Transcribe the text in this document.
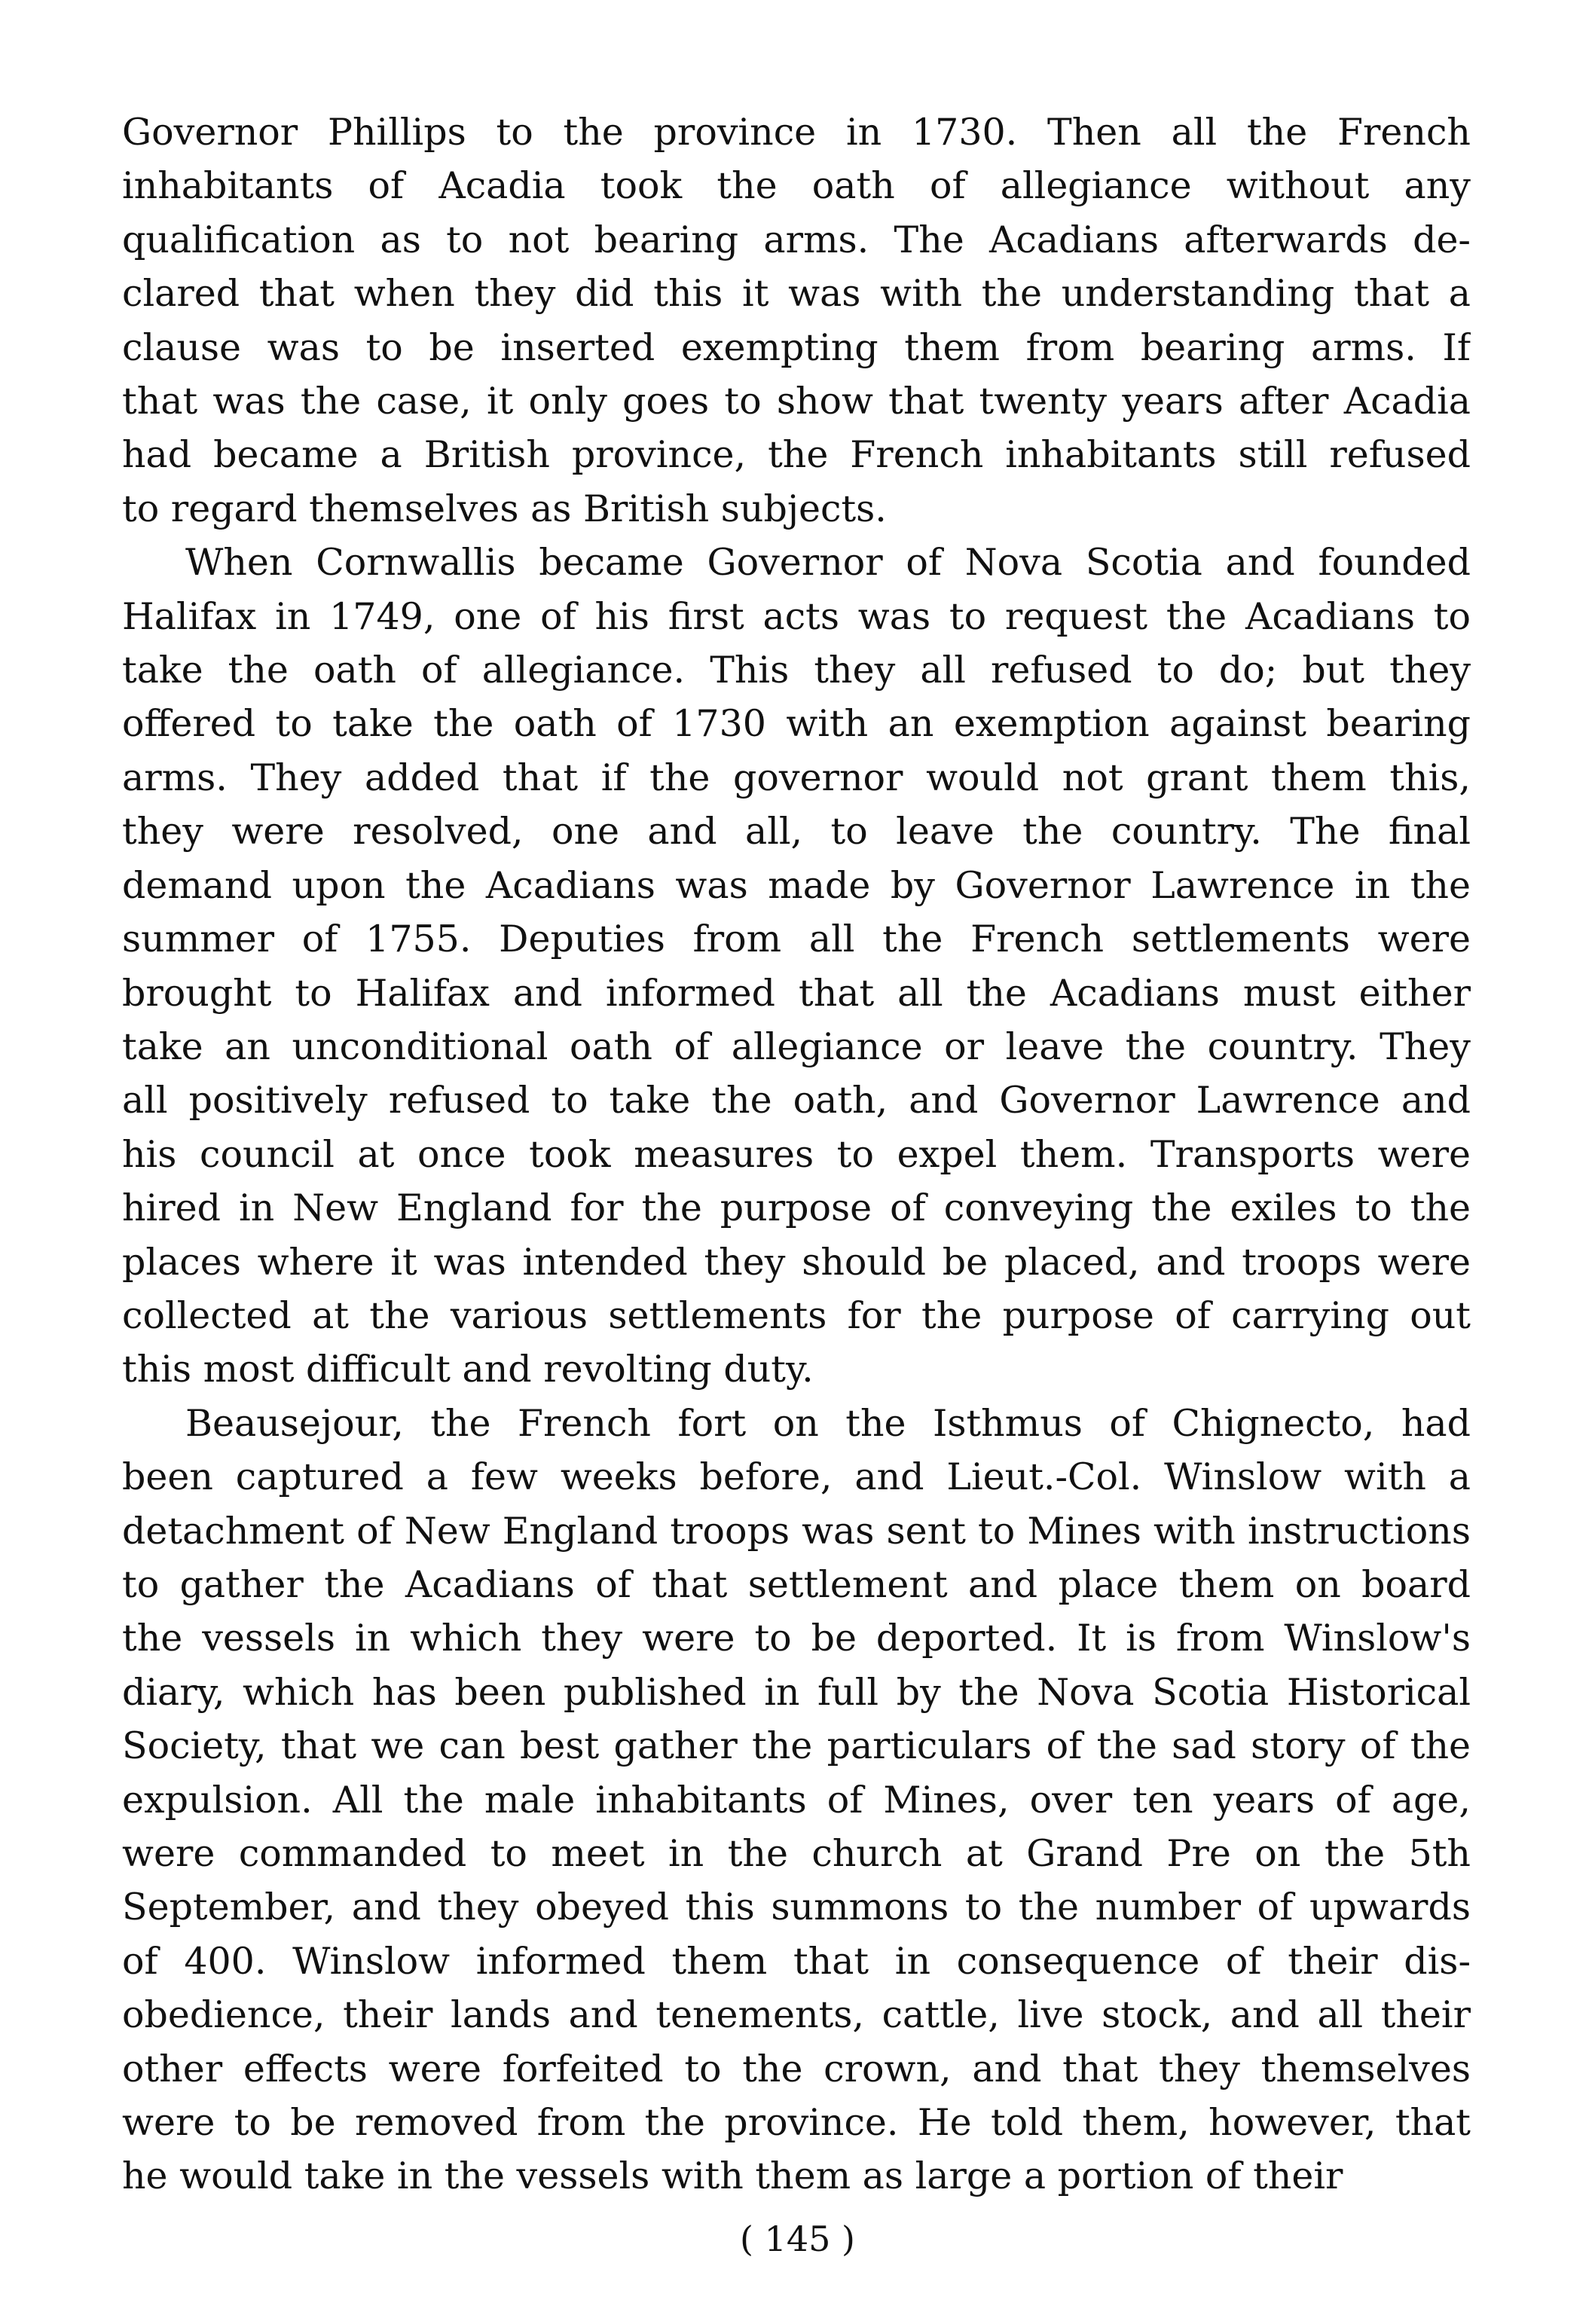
Governor Phillips to the province in 1730. Then all the French
inhabitants of Acadia took the oath of allegiance without any
qualification as to not bearing arms. The Acadians afterwards de-
clared that when they did this it was with the understanding that a
clause was to be inserted exempting them from bearing arms. If
that was the case, it only goes to show that twenty years after Acadia
had became a British province, the French inhabitants still refused
to regard themselves as British subjects.

When Cornwallis became Governor of Nova Scotia and founded
Halifax in 1749, one of his first acts was to request the Acadians to
take the oath of allegiance. This they all refused to do; but they
offered to take the oath of 1730 with an exemption against bearing
arms. They added that if the governor would not grant them this,
they were resolved, one and all, to leave the country. The final
demand upon the Acadians was made by Governor Lawrence in the
summer of 1755. Deputies from all the French settlements were
brought to Halifax and informed that all the Acadians must either
take an unconditional oath of allegiance or leave the country. They
all positively refused to take the oath, and Governor Lawrence and
his council at once took measures to expel them. Transports were
hired in New England for the purpose of conveying the exiles to the
places where it was intended they should be placed, and troops were
collected at the various settlements for the purpose of carrying out
this most difficult and revolting duty.

Beausejour, the French fort on the Isthmus of Chignecto, had
been captured a few weeks before, and Lieut.-Col. Winslow with a
detachment of New England troops was sent to Mines with instructions
to gather the Acadians of that settlement and place them on board
the vessels in which they were to be deported. It is from Winslow's
diary, which has been published in full by the Nova Scotia Historical
Society, that we can best gather the particulars of the sad story of the
expulsion. All the male inhabitants of Mines, over ten years of age,
were commanded to meet in the church at Grand Pre on the 5th
September, and they obeyed this summons to the number of upwards
of 400. Winslow informed them that in consequence of their dis-
obedience, their lands and tenements, cattle, live stock, and all their
other effects were forfeited to the crown, and that they themselves
were to be removed from the province. He told them, however, that
he would take in the vessels with them as large a portion of their

( 145 )
